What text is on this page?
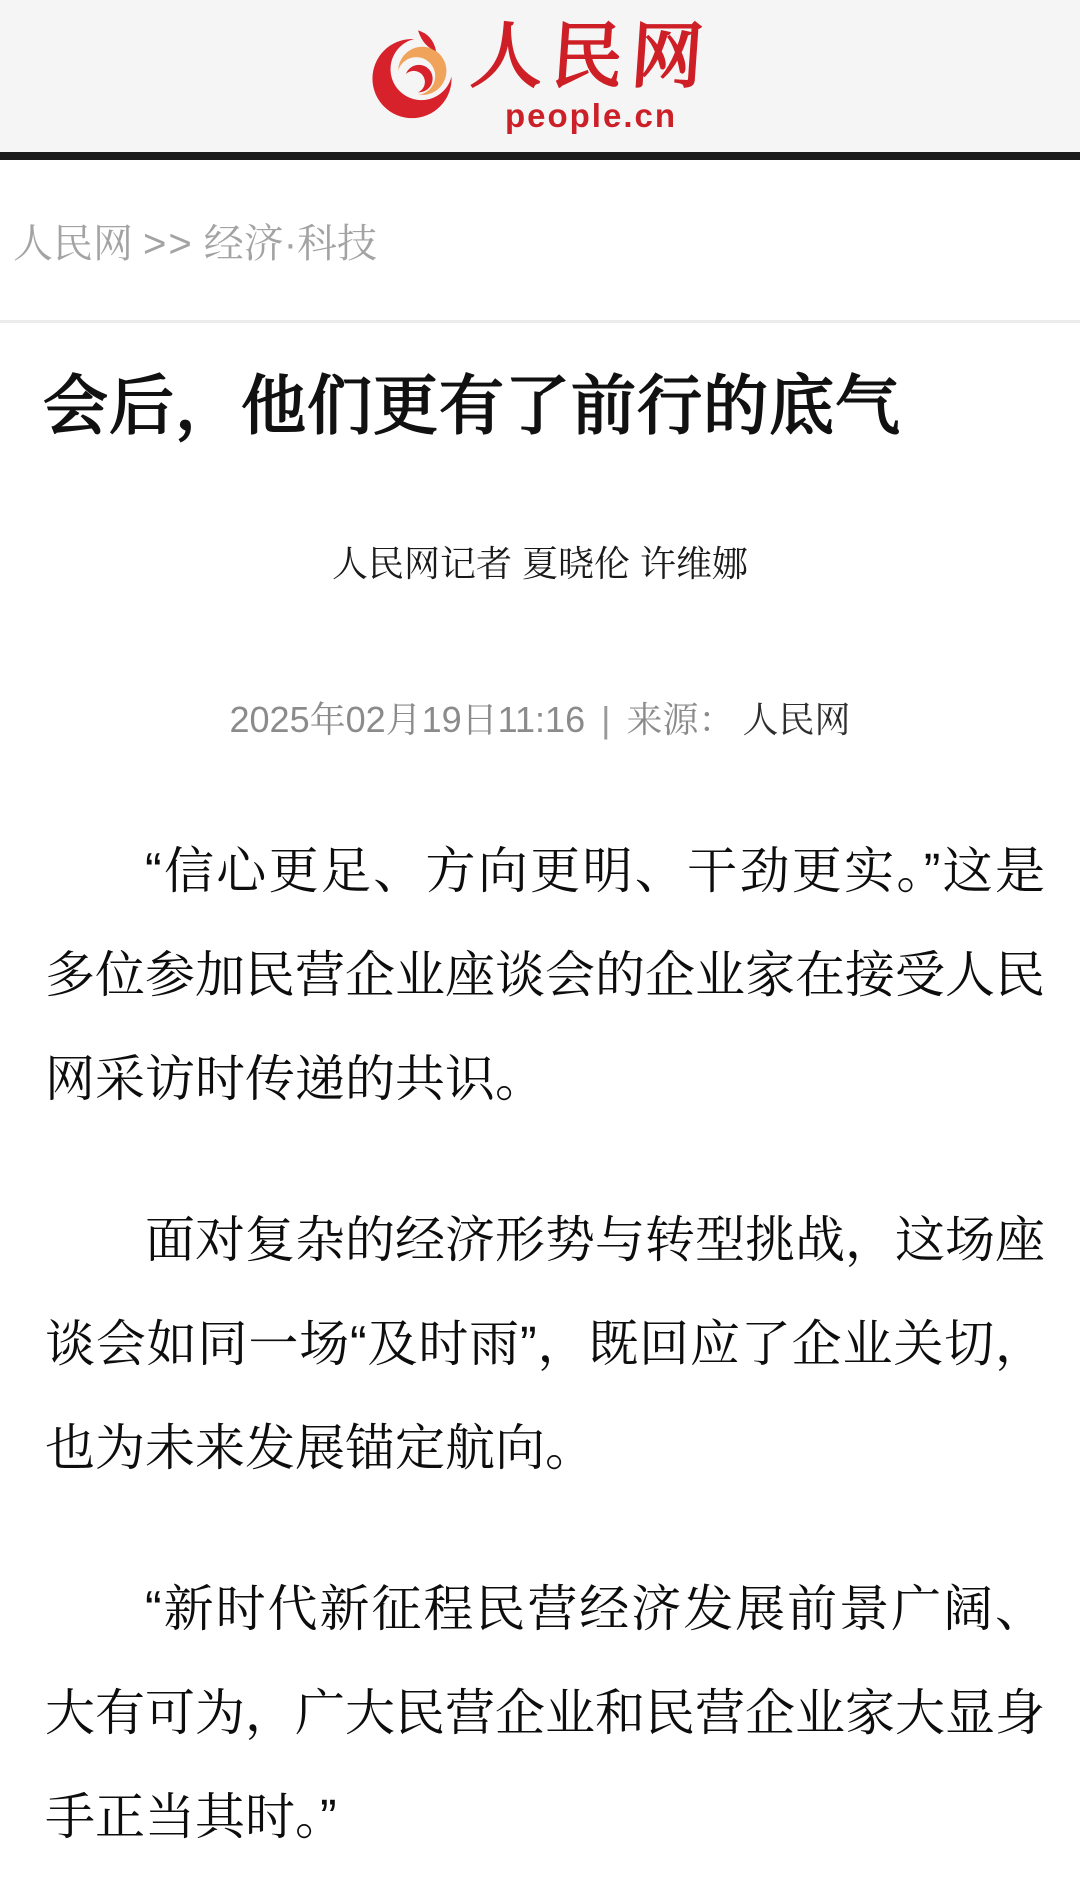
人民网
people.cn
人民网 >> 经济·科技
会后，他们更有了前行的底气
人民网记者 夏晓伦 许维娜
2025年02月19日11:16 | 来源： 人民网

“信心更足、方向更明、干劲更实。”这是多位参加民营企业座谈会的企业家在接受人民网采访时传递的共识。

面对复杂的经济形势与转型挑战，这场座谈会如同一场“及时雨”，既回应了企业关切，也为未来发展锚定航向。

“新时代新征程民营经济发展前景广阔、大有可为，广大民营企业和民营企业家大显身手正当其时。”
